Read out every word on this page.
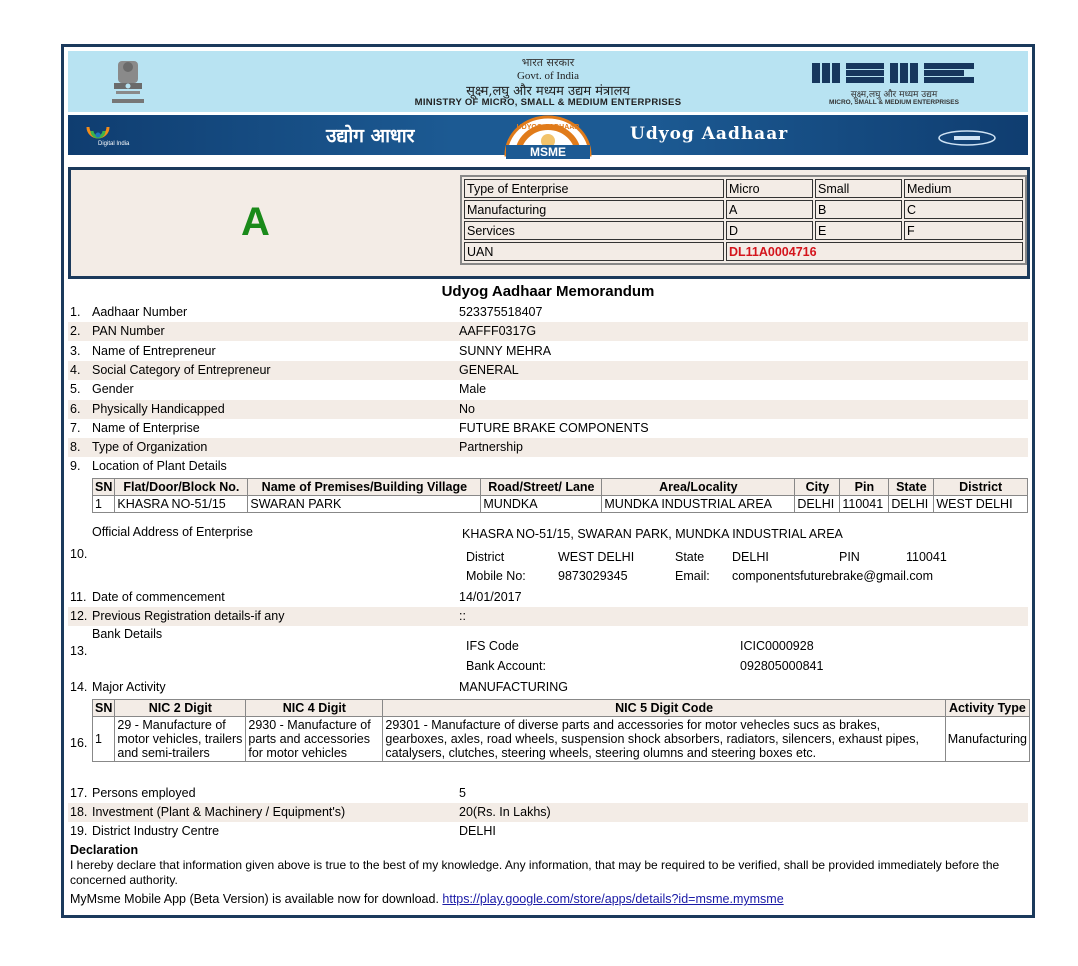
भारत सरकार
Govt. of India
सूक्ष्म,लघु और मध्यम उद्यम मंत्रालय
MINISTRY OF MICRO, SMALL & MEDIUM ENTERPRISES
सूक्ष्म,लघु और मध्यम उद्यम
MICRO, SMALL & MEDIUM ENTERPRISES
Digital India	उद्योग आधार	Udyog Aadhaar
MSME
UDYOG AADHAAR
A
Type of Enterprise	Micro	Small	Medium
Manufacturing	A	B	C
Services	D	E	F
UAN	DL11A0004716		
Udyog Aadhaar Memorandum
1. Aadhaar Number	523375518407
2. PAN Number	AAFFF0317G
3. Name of Entrepreneur	SUNNY MEHRA
4. Social Category of Entrepreneur	GENERAL
5. Gender	Male
6. Physically Handicapped	No
7. Name of Enterprise	FUTURE BRAKE COMPONENTS
8. Type of Organization	Partnership
9. Location of Plant Details
SN	Flat/Door/Block No.	Name of Premises/Building Village	Road/Street/ Lane	Area/Locality	City	Pin	State	District
1	KHASRA NO-51/15	SWARAN PARK	MUNDKA	MUNDKA INDUSTRIAL AREA	DELHI	110041	DELHI	WEST DELHI
10.
Official Address of Enterprise	KHASRA NO-51/15, SWARAN PARK, MUNDKA INDUSTRIAL AREA
District	WEST DELHI	State DELHI	PIN	110041
Mobile No:	9873029345	Email: componentsfuturebrake@gmail.com
11. Date of commencement	14/01/2017
12. Previous Registration details-if any	::
13.
Bank Details
IFS Code	ICIC0000928
Bank Account:	092805000841
14. Major Activity	MANUFACTURING
16.
SN	NIC 2 Digit	NIC 4 Digit	NIC 5 Digit Code	Activity Type
1	29 - Manufacture of motor vehicles, trailers and semi-trailers	2930 - Manufacture of parts and accessories for motor vehicles	29301 - Manufacture of diverse parts and accessories for motor vehecles sucs as brakes, gearboxes, axles, road wheels, suspension shock absorbers, radiators, silencers, exhaust pipes, catalysers, clutches, steering wheels, steering olumns and steering boxes etc.	Manufacturing
17. Persons employed	5
18. Investment (Plant & Machinery / Equipment's)	20(Rs. In Lakhs)
19. District Industry Centre	DELHI
Declaration
I hereby declare that information given above is true to the best of my knowledge. Any information, that may be required to be verified, shall be provided immediately before the concerned authority.
MyMsme Mobile App (Beta Version) is available now for download. https://play.google.com/store/apps/details?id=msme.mymsme
